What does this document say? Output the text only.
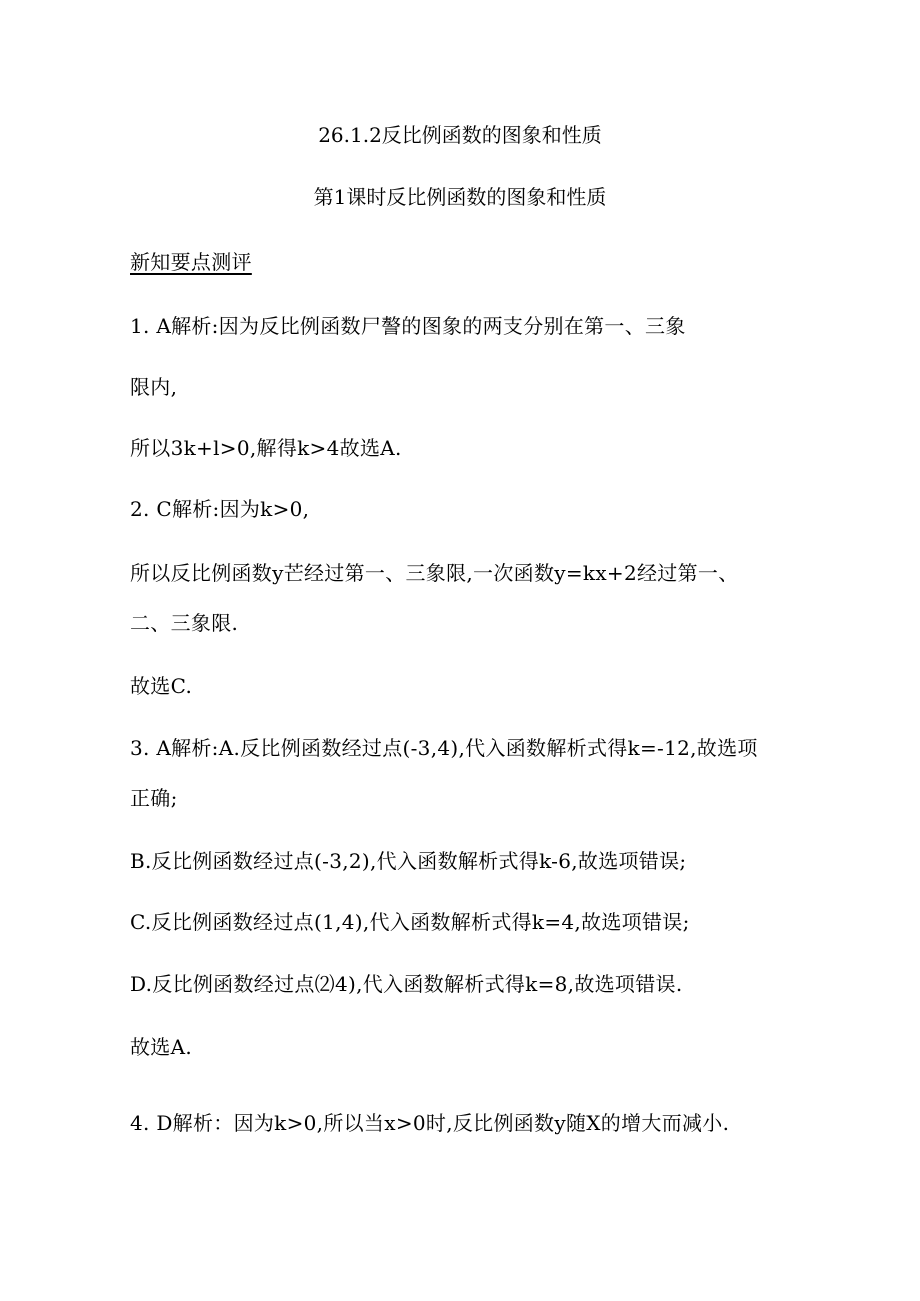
26.1.2反比例函数的图象和性质
第1课时反比例函数的图象和性质
新知要点测评
1. A解析:因为反比例函数尸謷的图象的两支分别在第一、三象
限内,
所以3k+l>0,解得k>4故选A.
2. C解析:因为k>0,
所以反比例函数y芒经过第一、三象限,一次函数y=kx+2经过第一、
二、三象限.
故选C.
3. A解析:A.反比例函数经过点(-3,4),代入函数解析式得k=-12,故选项
正确;
B.反比例函数经过点(-3,2),代入函数解析式得k-6,故选项错误;
C.反比例函数经过点(1,4),代入函数解析式得k=4,故选项错误;
D.反比例函数经过点⑵4),代入函数解析式得k=8,故选项错误.
故选A.
4. D解析：因为k>0,所以当x>0时,反比例函数y随X的增大而减小.
